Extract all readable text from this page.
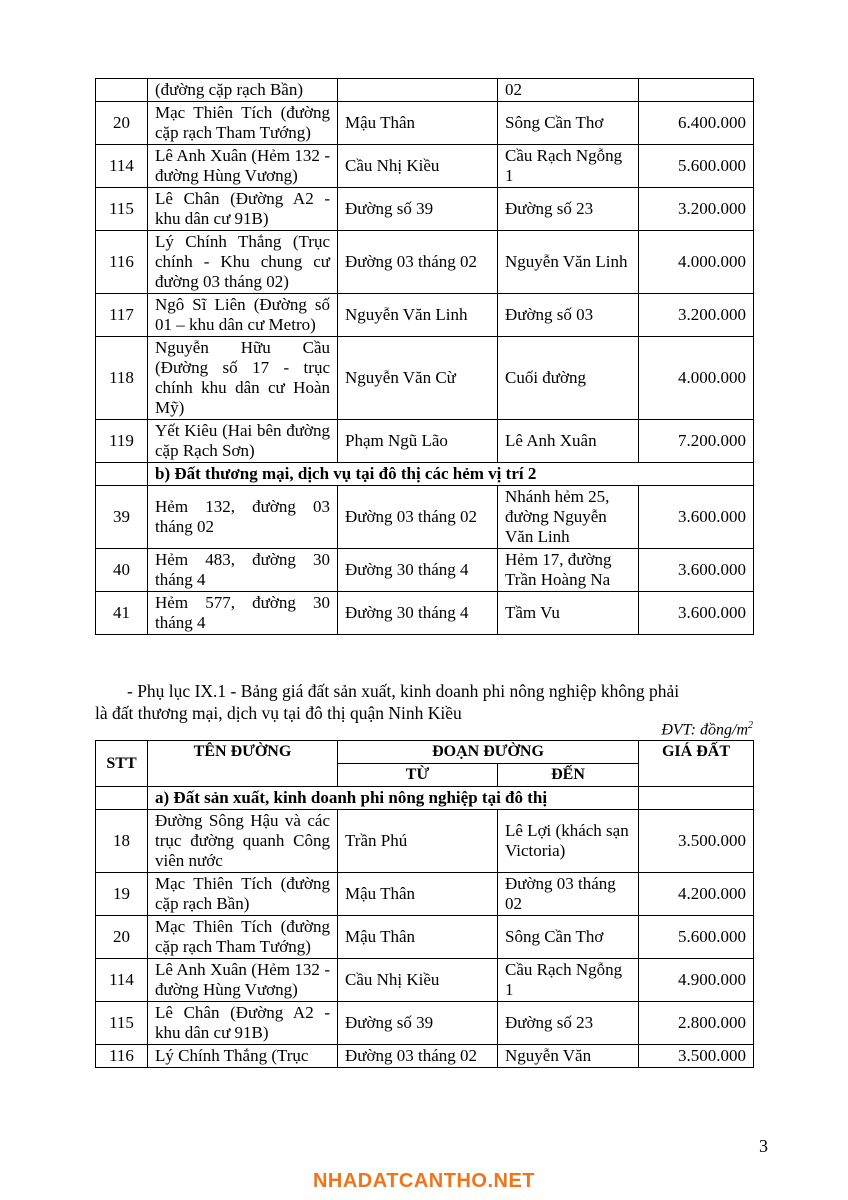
	(đường cặp rạch Bần)		02	
20	Mạc Thiên Tích (đường cặp rạch Tham Tướng)	Mậu Thân	Sông Cần Thơ	6.400.000
114	Lê Anh Xuân (Hẻm 132 - đường Hùng Vương)	Cầu Nhị Kiều	Cầu Rạch Ngỗng 1	5.600.000
115	Lê Chân (Đường A2 - khu dân cư 91B)	Đường số 39	Đường số 23	3.200.000
116	Lý Chính Thắng (Trục chính - Khu chung cư đường 03 tháng 02)	Đường 03 tháng 02	Nguyễn Văn Linh	4.000.000
117	Ngô Sĩ Liên (Đường số 01 – khu dân cư Metro)	Nguyễn Văn Linh	Đường số 03	3.200.000
118	Nguyễn Hữu Cầu (Đường số 17 - trục chính khu dân cư Hoàn Mỹ)	Nguyễn Văn Cừ	Cuối đường	4.000.000
119	Yết Kiêu (Hai bên đường cặp Rạch Sơn)	Phạm Ngũ Lão	Lê Anh Xuân	7.200.000
	b) Đất thương mại, dịch vụ tại đô thị các hẻm vị trí 2			
39	Hẻm 132, đường 03 tháng 02	Đường 03 tháng 02	Nhánh hẻm 25, đường Nguyễn Văn Linh	3.600.000
40	Hẻm 483, đường 30 tháng 4	Đường 30 tháng 4	Hẻm 17, đường Trần Hoàng Na	3.600.000
41	Hẻm 577, đường 30 tháng 4	Đường 30 tháng 4	Tầm Vu	3.600.000
- Phụ lục IX.1 - Bảng giá đất sản xuất, kinh doanh phi nông nghiệp không phải
là đất thương mại, dịch vụ tại đô thị quận Ninh Kiều
ĐVT: đồng/$m^2$
STT	TÊN ĐƯỜNG	ĐOẠN ĐƯỜNG		GIÁ ĐẤT
		TỪ	ĐẾN	
	a) Đất sản xuất, kinh doanh phi nông nghiệp tại đô thị			
18	Đường Sông Hậu và các trục đường quanh Công viên nước	Trần Phú	Lê Lợi (khách sạn Victoria)	3.500.000
19	Mạc Thiên Tích (đường cặp rạch Bần)	Mậu Thân	Đường 03 tháng 02	4.200.000
20	Mạc Thiên Tích (đường cặp rạch Tham Tướng)	Mậu Thân	Sông Cần Thơ	5.600.000
114	Lê Anh Xuân (Hẻm 132 - đường Hùng Vương)	Cầu Nhị Kiều	Cầu Rạch Ngỗng 1	4.900.000
115	Lê Chân (Đường A2 - khu dân cư 91B)	Đường số 39	Đường số 23	2.800.000
116	Lý Chính Thắng (Trục	Đường 03 tháng 02	Nguyễn Văn	3.500.000
3
NHADATCANTHO.NET
